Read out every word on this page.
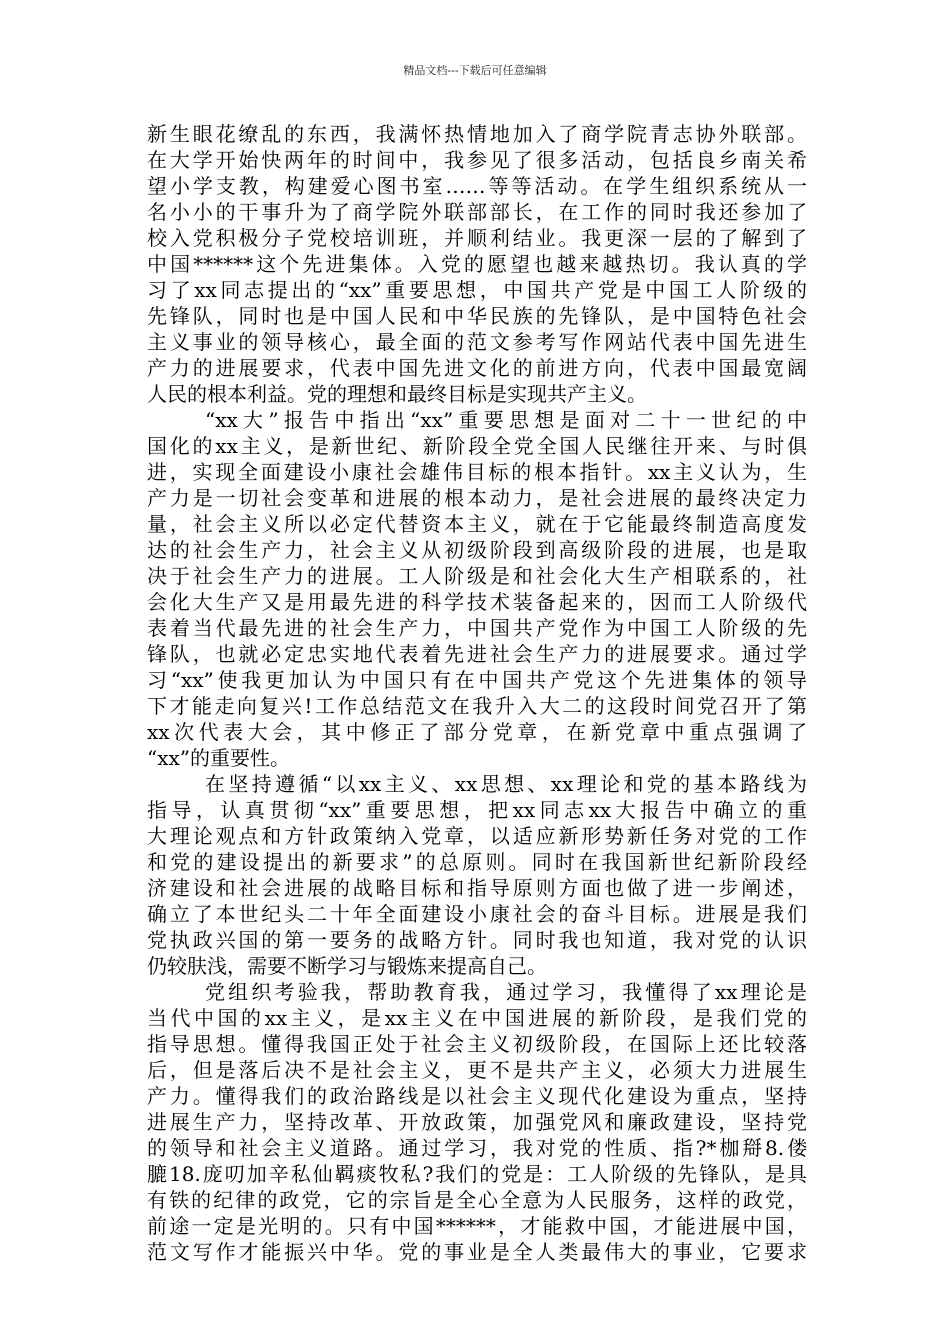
精品文档---下载后可任意编辑
新生眼花缭乱的东西，我满怀热情地加入了商学院青志协外联部。
在大学开始快两年的时间中，我参见了很多活动，包括良乡南关希
望小学支教，构建爱心图书室……等等活动。在学生组织系统从一
名小小的干事升为了商学院外联部部长，在工作的同时我还参加了
校入党积极分子党校培训班，并顺利结业。我更深一层的了解到了
中国******这个先进集体。入党的愿望也越来越热切。我认真的学
习了xx同志提出的“xx”重要思想，中国共产党是中国工人阶级的
先锋队，同时也是中国人民和中华民族的先锋队，是中国特色社会
主义事业的领导核心，最全面的范文参考写作网站代表中国先进生
产力的进展要求，代表中国先进文化的前进方向，代表中国最宽阔
人民的根本利益。党的理想和最终目标是实现共产主义。
“xx大”报告中指出“xx”重要思想是面对二十一世纪的中
国化的xx主义，是新世纪、新阶段全党全国人民继往开来、与时俱
进，实现全面建设小康社会雄伟目标的根本指针。xx主义认为，生
产力是一切社会变革和进展的根本动力，是社会进展的最终决定力
量，社会主义所以必定代替资本主义，就在于它能最终制造高度发
达的社会生产力，社会主义从初级阶段到高级阶段的进展，也是取
决于社会生产力的进展。工人阶级是和社会化大生产相联系的，社
会化大生产又是用最先进的科学技术装备起来的，因而工人阶级代
表着当代最先进的社会生产力，中国共产党作为中国工人阶级的先
锋队，也就必定忠实地代表着先进社会生产力的进展要求。通过学
习“xx”使我更加认为中国只有在中国共产党这个先进集体的领导
下才能走向复兴!工作总结范文在我升入大二的这段时间党召开了第
xx次代表大会，其中修正了部分党章，在新党章中重点强调了
“xx”的重要性。
在坚持遵循“以xx主义、xx思想、xx理论和党的基本路线为
指导，认真贯彻“xx”重要思想，把xx同志xx大报告中确立的重
大理论观点和方针政策纳入党章，以适应新形势新任务对党的工作
和党的建设提出的新要求”的总原则。同时在我国新世纪新阶段经
济建设和社会进展的战略目标和指导原则方面也做了进一步阐述，
确立了本世纪头二十年全面建设小康社会的奋斗目标。进展是我们
党执政兴国的第一要务的战略方针。同时我也知道，我对党的认识
仍较肤浅，需要不断学习与锻炼来提高自己。
党组织考验我，帮助教育我，通过学习，我懂得了xx理论是
当代中国的xx主义，是xx主义在中国进展的新阶段，是我们党的
指导思想。懂得我国正处于社会主义初级阶段，在国际上还比较落
后，但是落后决不是社会主义，更不是共产主义，必须大力进展生
产力。懂得我们的政治路线是以社会主义现代化建设为重点，坚持
进展生产力，坚持改革、开放政策，加强党风和廉政建设，坚持党
的领导和社会主义道路。通过学习，我对党的性质、指?*枷搿8.偻
膔18.庞叨加辛私仙羁痰牧私?我们的党是：工人阶级的先锋队，是具
有铁的纪律的政党，它的宗旨是全心全意为人民服务，这样的政党，
前途一定是光明的。只有中国******，才能救中国，才能进展中国，
范文写作才能振兴中华。党的事业是全人类最伟大的事业，它要求
